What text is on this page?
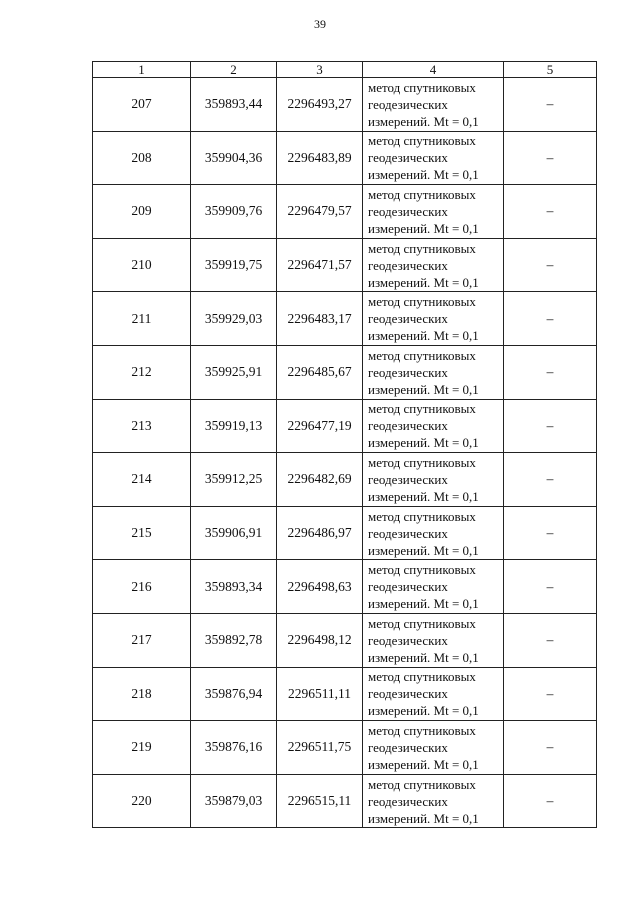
39
1	2	3	4	5
207	359893,44	2296493,27	метод спутниковых
геодезических
измерений. Mt = 0,1	–
208	359904,36	2296483,89	метод спутниковых
геодезических
измерений. Mt = 0,1	–
209	359909,76	2296479,57	метод спутниковых
геодезических
измерений. Mt = 0,1	–
210	359919,75	2296471,57	метод спутниковых
геодезических
измерений. Mt = 0,1	–
211	359929,03	2296483,17	метод спутниковых
геодезических
измерений. Mt = 0,1	–
212	359925,91	2296485,67	метод спутниковых
геодезических
измерений. Mt = 0,1	–
213	359919,13	2296477,19	метод спутниковых
геодезических
измерений. Mt = 0,1	–
214	359912,25	2296482,69	метод спутниковых
геодезических
измерений. Mt = 0,1	–
215	359906,91	2296486,97	метод спутниковых
геодезических
измерений. Mt = 0,1	–
216	359893,34	2296498,63	метод спутниковых
геодезических
измерений. Mt = 0,1	–
217	359892,78	2296498,12	метод спутниковых
геодезических
измерений. Mt = 0,1	–
218	359876,94	2296511,11	метод спутниковых
геодезических
измерений. Mt = 0,1	–
219	359876,16	2296511,75	метод спутниковых
геодезических
измерений. Mt = 0,1	–
220	359879,03	2296515,11	метод спутниковых
геодезических
измерений. Mt = 0,1	–
